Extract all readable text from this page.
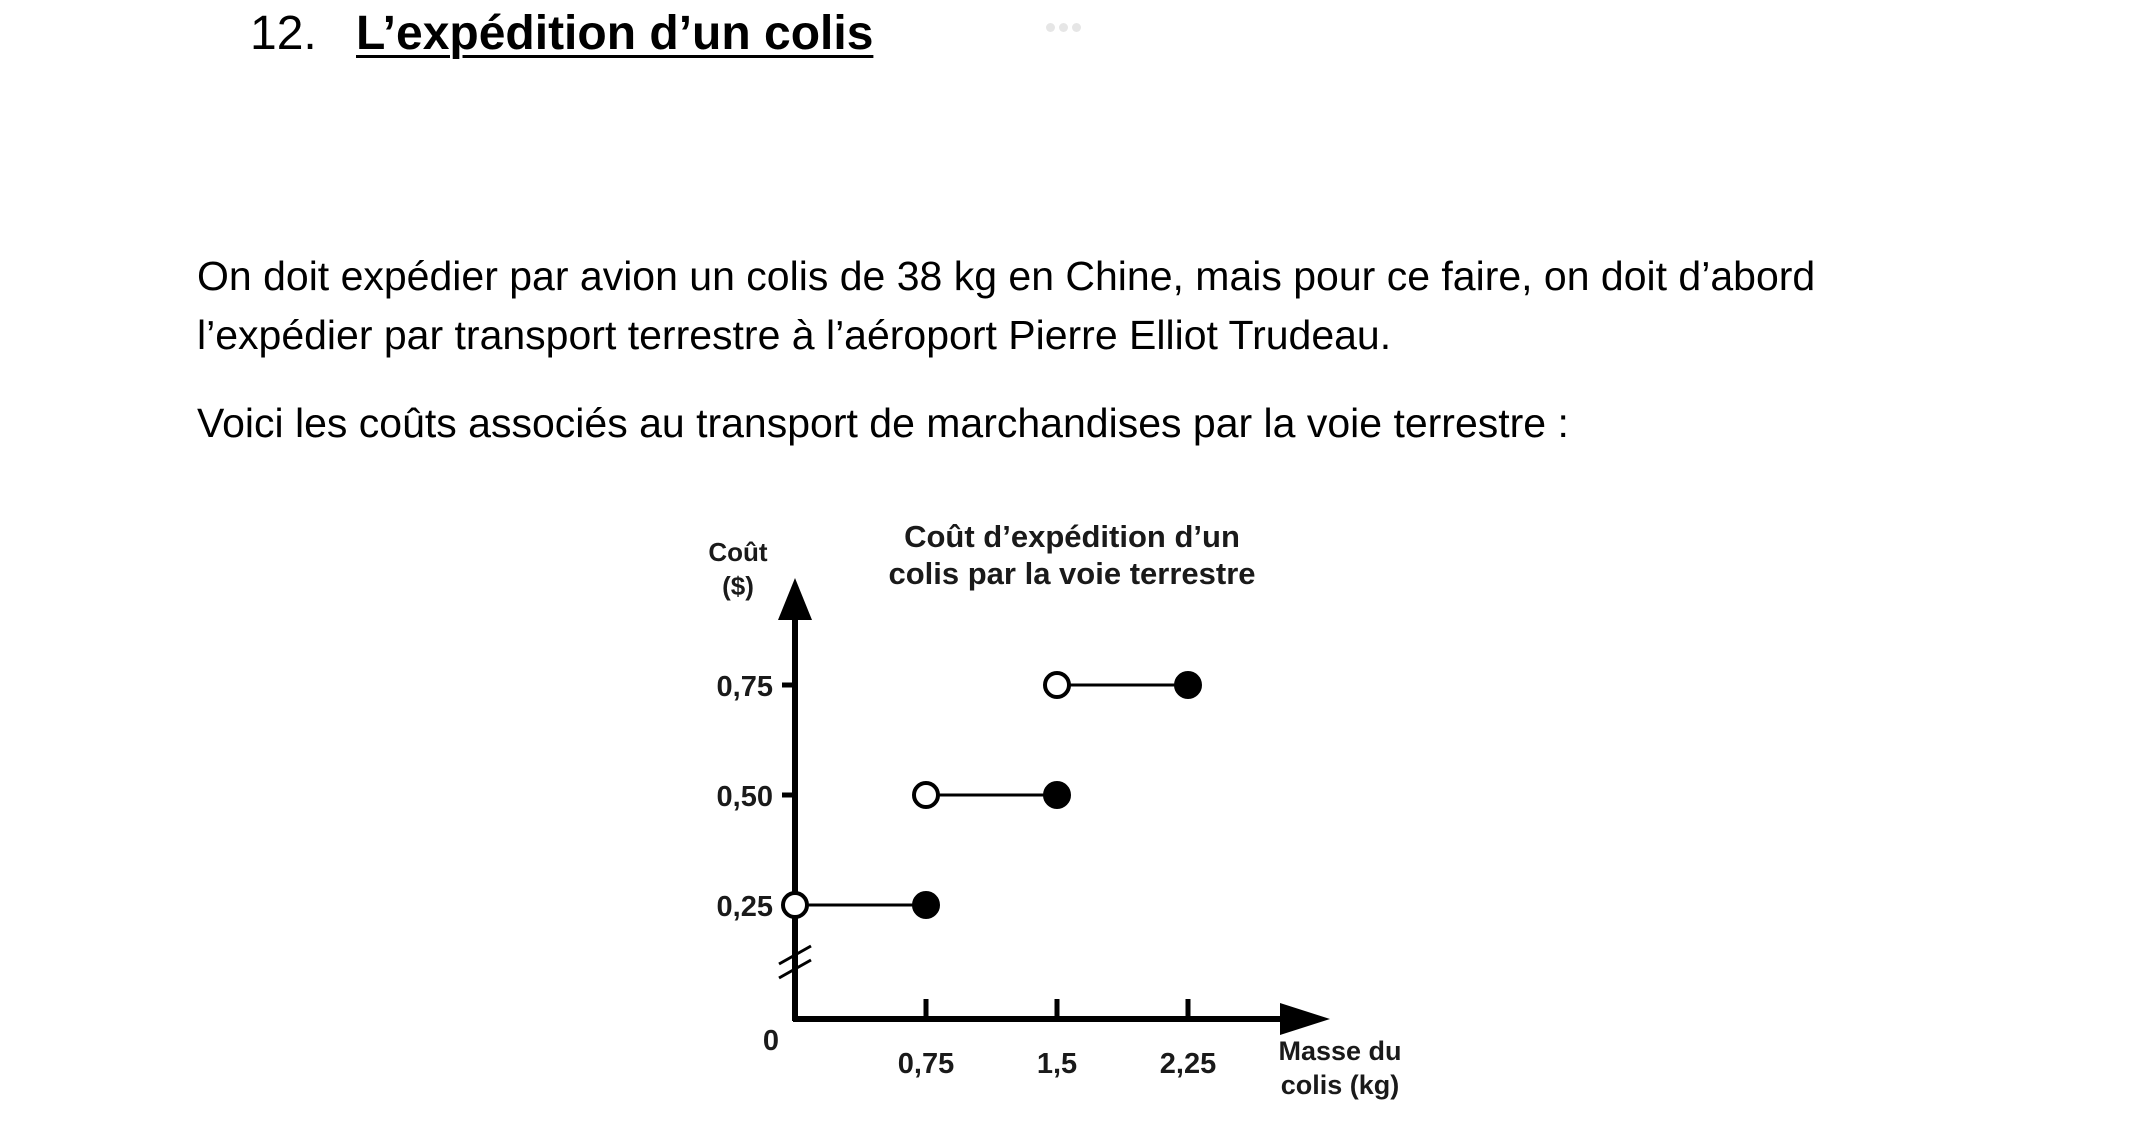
12. L’expédition d’un colis
On doit expédier par avion un colis de 38 kg en Chine, mais pour ce faire, on doit d’abord
l’expédier par transport terrestre à l’aéroport Pierre Elliot Trudeau.
Voici les coûts associés au transport de marchandises par la voie terrestre :
0,25
0,50
0,75
0,75	1,5	2,25
0
Coût d’expédition d’un
colis par la voie terrestre
Coût
($)
Masse du
colis (kg)
